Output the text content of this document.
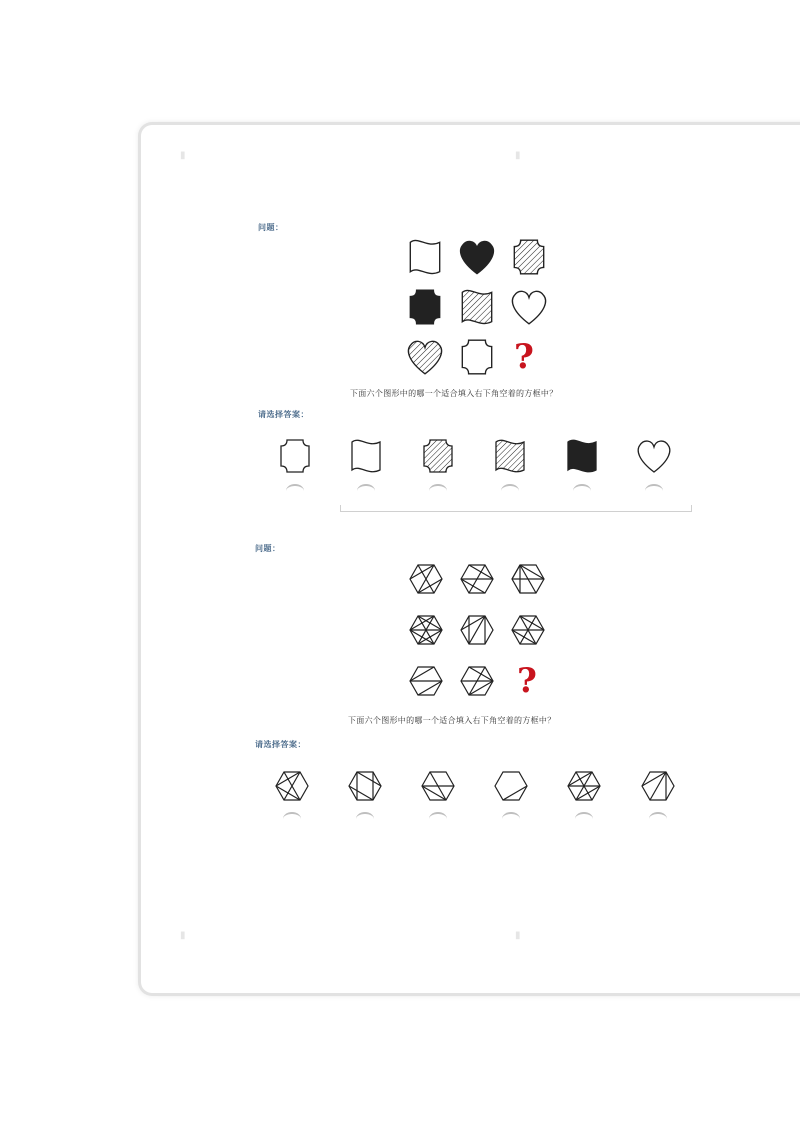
▮	▮
▮	▮
问题：
?
下面六个图形中的哪一个适合填入右下角空着的方框中？
请选择答案：
问题：
?
下面六个图形中的哪一个适合填入右下角空着的方框中？
请选择答案：
